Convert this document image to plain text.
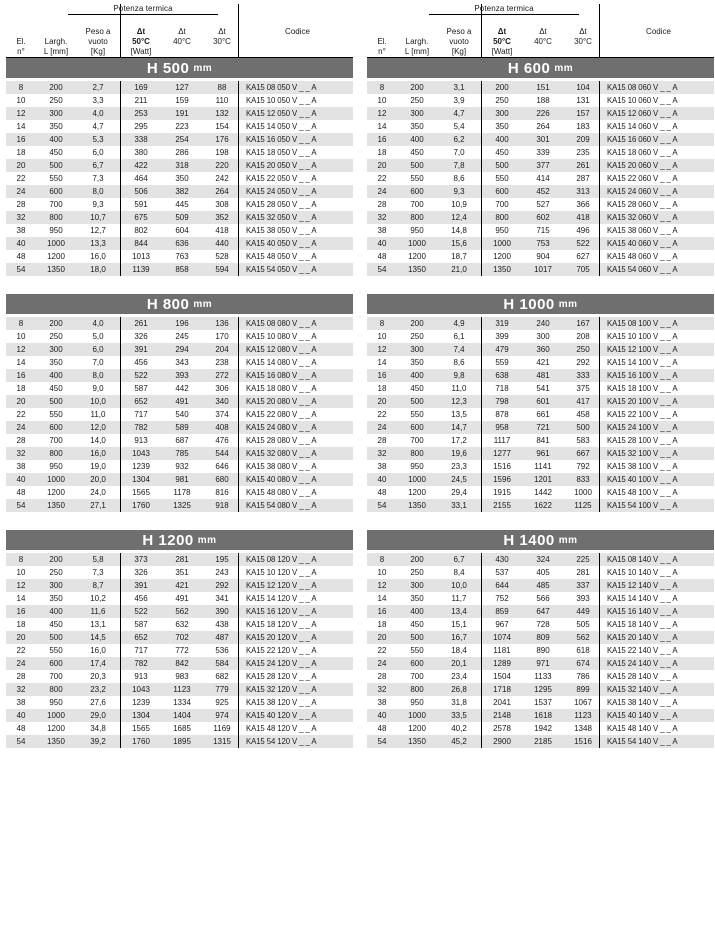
Potenza termica
El.
n°
Largh.
L [mm]
Peso a
vuoto
[Kg]
Δt
50°C
[Watt]
Δt
40°C

Δt
30°C

Codice

H 500 mm
8	200	2,7	169	127	88	KA15 08 050 V _ _ A
10	250	3,3	211	159	110	KA15 10 050 V _ _ A
12	300	4,0	253	191	132	KA15 12 050 V _ _ A
14	350	4,7	295	223	154	KA15 14 050 V _ _ A
16	400	5,3	338	254	176	KA15 16 050 V _ _ A
18	450	6,0	380	286	198	KA15 18 050 V _ _ A
20	500	6,7	422	318	220	KA15 20 050 V _ _ A
22	550	7,3	464	350	242	KA15 22 050 V _ _ A
24	600	8,0	506	382	264	KA15 24 050 V _ _ A
28	700	9,3	591	445	308	KA15 28 050 V _ _ A
32	800	10,7	675	509	352	KA15 32 050 V _ _ A
38	950	12,7	802	604	418	KA15 38 050 V _ _ A
40	1000	13,3	844	636	440	KA15 40 050 V _ _ A
48	1200	16,0	1013	763	528	KA15 48 050 V _ _ A
54	1350	18,0	1139	858	594	KA15 54 050 V _ _ A
Potenza termica
El.
n°
Largh.
L [mm]
Peso a
vuoto
[Kg]
Δt
50°C
[Watt]
Δt
40°C

Δt
30°C

Codice

H 600 mm
8	200	3,1	200	151	104	KA15 08 060 V _ _ A
10	250	3,9	250	188	131	KA15 10 060 V _ _ A
12	300	4,7	300	226	157	KA15 12 060 V _ _ A
14	350	5,4	350	264	183	KA15 14 060 V _ _ A
16	400	6,2	400	301	209	KA15 16 060 V _ _ A
18	450	7,0	450	339	235	KA15 18 060 V _ _ A
20	500	7,8	500	377	261	KA15 20 060 V _ _ A
22	550	8,6	550	414	287	KA15 22 060 V _ _ A
24	600	9,3	600	452	313	KA15 24 060 V _ _ A
28	700	10,9	700	527	366	KA15 28 060 V _ _ A
32	800	12,4	800	602	418	KA15 32 060 V _ _ A
38	950	14,8	950	715	496	KA15 38 060 V _ _ A
40	1000	15,6	1000	753	522	KA15 40 060 V _ _ A
48	1200	18,7	1200	904	627	KA15 48 060 V _ _ A
54	1350	21,0	1350	1017	705	KA15 54 060 V _ _ A
H 800 mm
8	200	4,0	261	196	136	KA15 08 080 V _ _ A
10	250	5,0	326	245	170	KA15 10 080 V _ _ A
12	300	6,0	391	294	204	KA15 12 080 V _ _ A
14	350	7,0	456	343	238	KA15 14 080 V _ _ A
16	400	8,0	522	393	272	KA15 16 080 V _ _ A
18	450	9,0	587	442	306	KA15 18 080 V _ _ A
20	500	10,0	652	491	340	KA15 20 080 V _ _ A
22	550	11,0	717	540	374	KA15 22 080 V _ _ A
24	600	12,0	782	589	408	KA15 24 080 V _ _ A
28	700	14,0	913	687	476	KA15 28 080 V _ _ A
32	800	16,0	1043	785	544	KA15 32 080 V _ _ A
38	950	19,0	1239	932	646	KA15 38 080 V _ _ A
40	1000	20,0	1304	981	680	KA15 40 080 V _ _ A
48	1200	24,0	1565	1178	816	KA15 48 080 V _ _ A
54	1350	27,1	1760	1325	918	KA15 54 080 V _ _ A
H 1000 mm
8	200	4,9	319	240	167	KA15 08 100 V _ _ A
10	250	6,1	399	300	208	KA15 10 100 V _ _ A
12	300	7,4	479	360	250	KA15 12 100 V _ _ A
14	350	8,6	559	421	292	KA15 14 100 V _ _ A
16	400	9,8	638	481	333	KA15 16 100 V _ _ A
18	450	11,0	718	541	375	KA15 18 100 V _ _ A
20	500	12,3	798	601	417	KA15 20 100 V _ _ A
22	550	13,5	878	661	458	KA15 22 100 V _ _ A
24	600	14,7	958	721	500	KA15 24 100 V _ _ A
28	700	17,2	1117	841	583	KA15 28 100 V _ _ A
32	800	19,6	1277	961	667	KA15 32 100 V _ _ A
38	950	23,3	1516	1141	792	KA15 38 100 V _ _ A
40	1000	24,5	1596	1201	833	KA15 40 100 V _ _ A
48	1200	29,4	1915	1442	1000	KA15 48 100 V _ _ A
54	1350	33,1	2155	1622	1125	KA15 54 100 V _ _ A
H 1200 mm
8	200	5,8	373	281	195	KA15 08 120 V _ _ A
10	250	7,3	326	351	243	KA15 10 120 V _ _ A
12	300	8,7	391	421	292	KA15 12 120 V _ _ A
14	350	10,2	456	491	341	KA15 14 120 V _ _ A
16	400	11,6	522	562	390	KA15 16 120 V _ _ A
18	450	13,1	587	632	438	KA15 18 120 V _ _ A
20	500	14,5	652	702	487	KA15 20 120 V _ _ A
22	550	16,0	717	772	536	KA15 22 120 V _ _ A
24	600	17,4	782	842	584	KA15 24 120 V _ _ A
28	700	20,3	913	983	682	KA15 28 120 V _ _ A
32	800	23,2	1043	1123	779	KA15 32 120 V _ _ A
38	950	27,6	1239	1334	925	KA15 38 120 V _ _ A
40	1000	29,0	1304	1404	974	KA15 40 120 V _ _ A
48	1200	34,8	1565	1685	1169	KA15 48 120 V _ _ A
54	1350	39,2	1760	1895	1315	KA15 54 120 V _ _ A
H 1400 mm
8	200	6,7	430	324	225	KA15 08 140 V _ _ A
10	250	8,4	537	405	281	KA15 10 140 V _ _ A
12	300	10,0	644	485	337	KA15 12 140 V _ _ A
14	350	11,7	752	566	393	KA15 14 140 V _ _ A
16	400	13,4	859	647	449	KA15 16 140 V _ _ A
18	450	15,1	967	728	505	KA15 18 140 V _ _ A
20	500	16,7	1074	809	562	KA15 20 140 V _ _ A
22	550	18,4	1181	890	618	KA15 22 140 V _ _ A
24	600	20,1	1289	971	674	KA15 24 140 V _ _ A
28	700	23,4	1504	1133	786	KA15 28 140 V _ _ A
32	800	26,8	1718	1295	899	KA15 32 140 V _ _ A
38	950	31,8	2041	1537	1067	KA15 38 140 V _ _ A
40	1000	33,5	2148	1618	1123	KA15 40 140 V _ _ A
48	1200	40,2	2578	1942	1348	KA15 48 140 V _ _ A
54	1350	45,2	2900	2185	1516	KA15 54 140 V _ _ A
